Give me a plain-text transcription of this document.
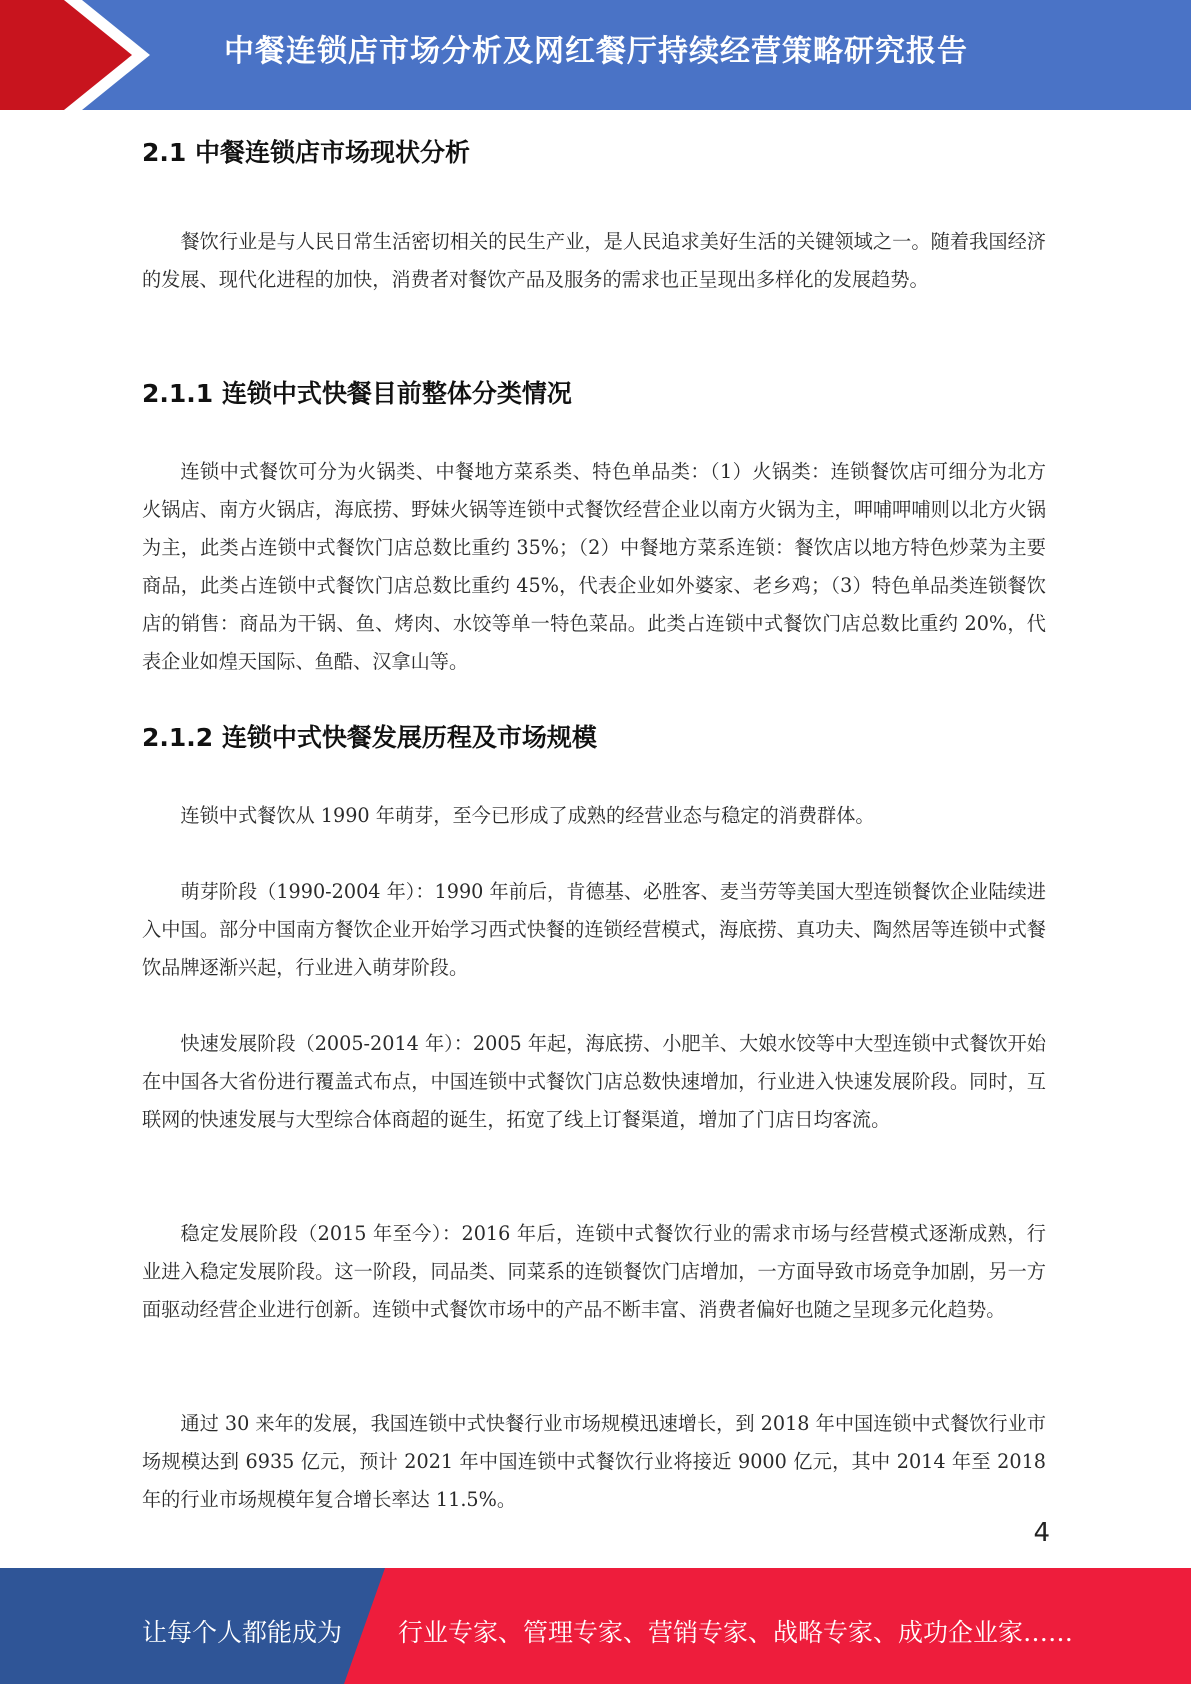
中餐连锁店市场分析及网红餐厅持续经营策略研究报告
2.1 中餐连锁店市场现状分析

餐饮行业是与人民日常生活密切相关的民生产业，是人民追求美好生活的关键领域之一。随着我国经济的发展、现代化进程的加快，消费者对餐饮产品及服务的需求也正呈现出多样化的发展趋势。

2.1.1 连锁中式快餐目前整体分类情况

连锁中式餐饮可分为火锅类、中餐地方菜系类、特色单品类：（1）火锅类：连锁餐饮店可细分为北方火锅店、南方火锅店，海底捞、野妹火锅等连锁中式餐饮经营企业以南方火锅为主，呷哺呷哺则以北方火锅为主，此类占连锁中式餐饮门店总数比重约 35%；（2）中餐地方菜系连锁：餐饮店以地方特色炒菜为主要商品，此类占连锁中式餐饮门店总数比重约 45%，代表企业如外婆家、老乡鸡；（3）特色单品类连锁餐饮店的销售：商品为干锅、鱼、烤肉、水饺等单一特色菜品。此类占连锁中式餐饮门店总数比重约 20%，代表企业如煌天国际、鱼酷、汉拿山等。

2.1.2 连锁中式快餐发展历程及市场规模

连锁中式餐饮从 1990 年萌芽，至今已形成了成熟的经营业态与稳定的消费群体。

萌芽阶段（1990-2004 年）：1990 年前后，肯德基、必胜客、麦当劳等美国大型连锁餐饮企业陆续进入中国。部分中国南方餐饮企业开始学习西式快餐的连锁经营模式，海底捞、真功夫、陶然居等连锁中式餐饮品牌逐渐兴起，行业进入萌芽阶段。

快速发展阶段（2005-2014 年）：2005 年起，海底捞、小肥羊、大娘水饺等中大型连锁中式餐饮开始在中国各大省份进行覆盖式布点，中国连锁中式餐饮门店总数快速增加，行业进入快速发展阶段。同时，互联网的快速发展与大型综合体商超的诞生，拓宽了线上订餐渠道，增加了门店日均客流。

稳定发展阶段（2015 年至今）：2016 年后，连锁中式餐饮行业的需求市场与经营模式逐渐成熟，行业进入稳定发展阶段。这一阶段，同品类、同菜系的连锁餐饮门店增加，一方面导致市场竞争加剧，另一方面驱动经营企业进行创新。连锁中式餐饮市场中的产品不断丰富、消费者偏好也随之呈现多元化趋势。

通过 30 来年的发展，我国连锁中式快餐行业市场规模迅速增长，到 2018 年中国连锁中式餐饮行业市场规模达到 6935 亿元，预计 2021 年中国连锁中式餐饮行业将接近 9000 亿元，其中 2014 年至 2018 年的行业市场规模年复合增长率达 11.5%。

4
让每个人都能成为 行业专家、管理专家、营销专家、战略专家、成功企业家……
